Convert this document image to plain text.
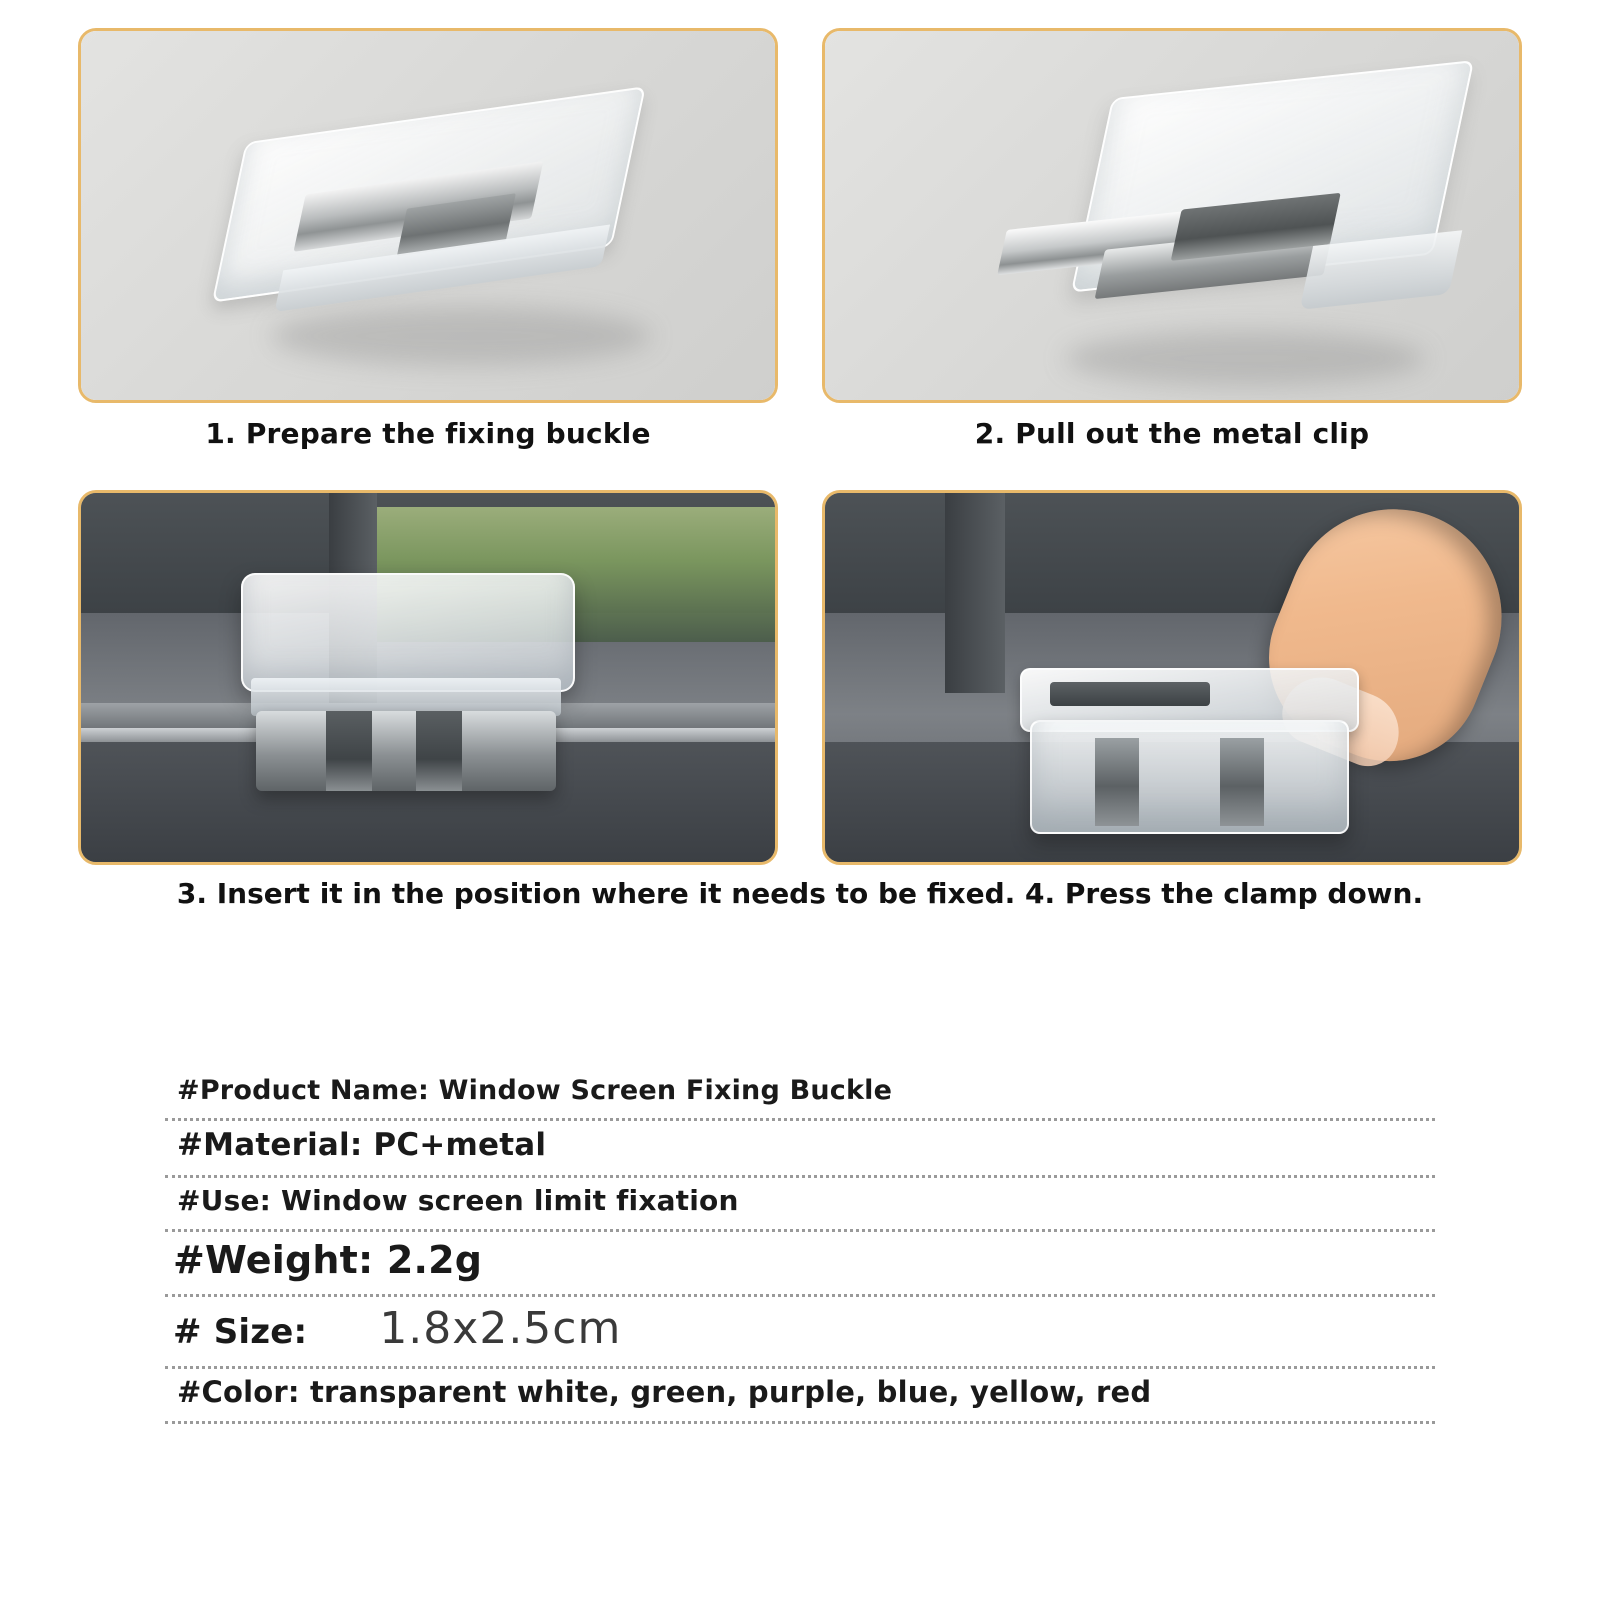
1. Prepare the fixing buckle	2. Pull out the metal clip
3. Insert it in the position where it needs to be fixed. 4. Press the clamp down.
#Product Name: Window Screen Fixing Buckle
#Material: PC+metal
#Use: Window screen limit fixation
#Weight: 2.2g
# Size: 1.8x2.5cm
#Color: transparent white, green, purple, blue, yellow, red
